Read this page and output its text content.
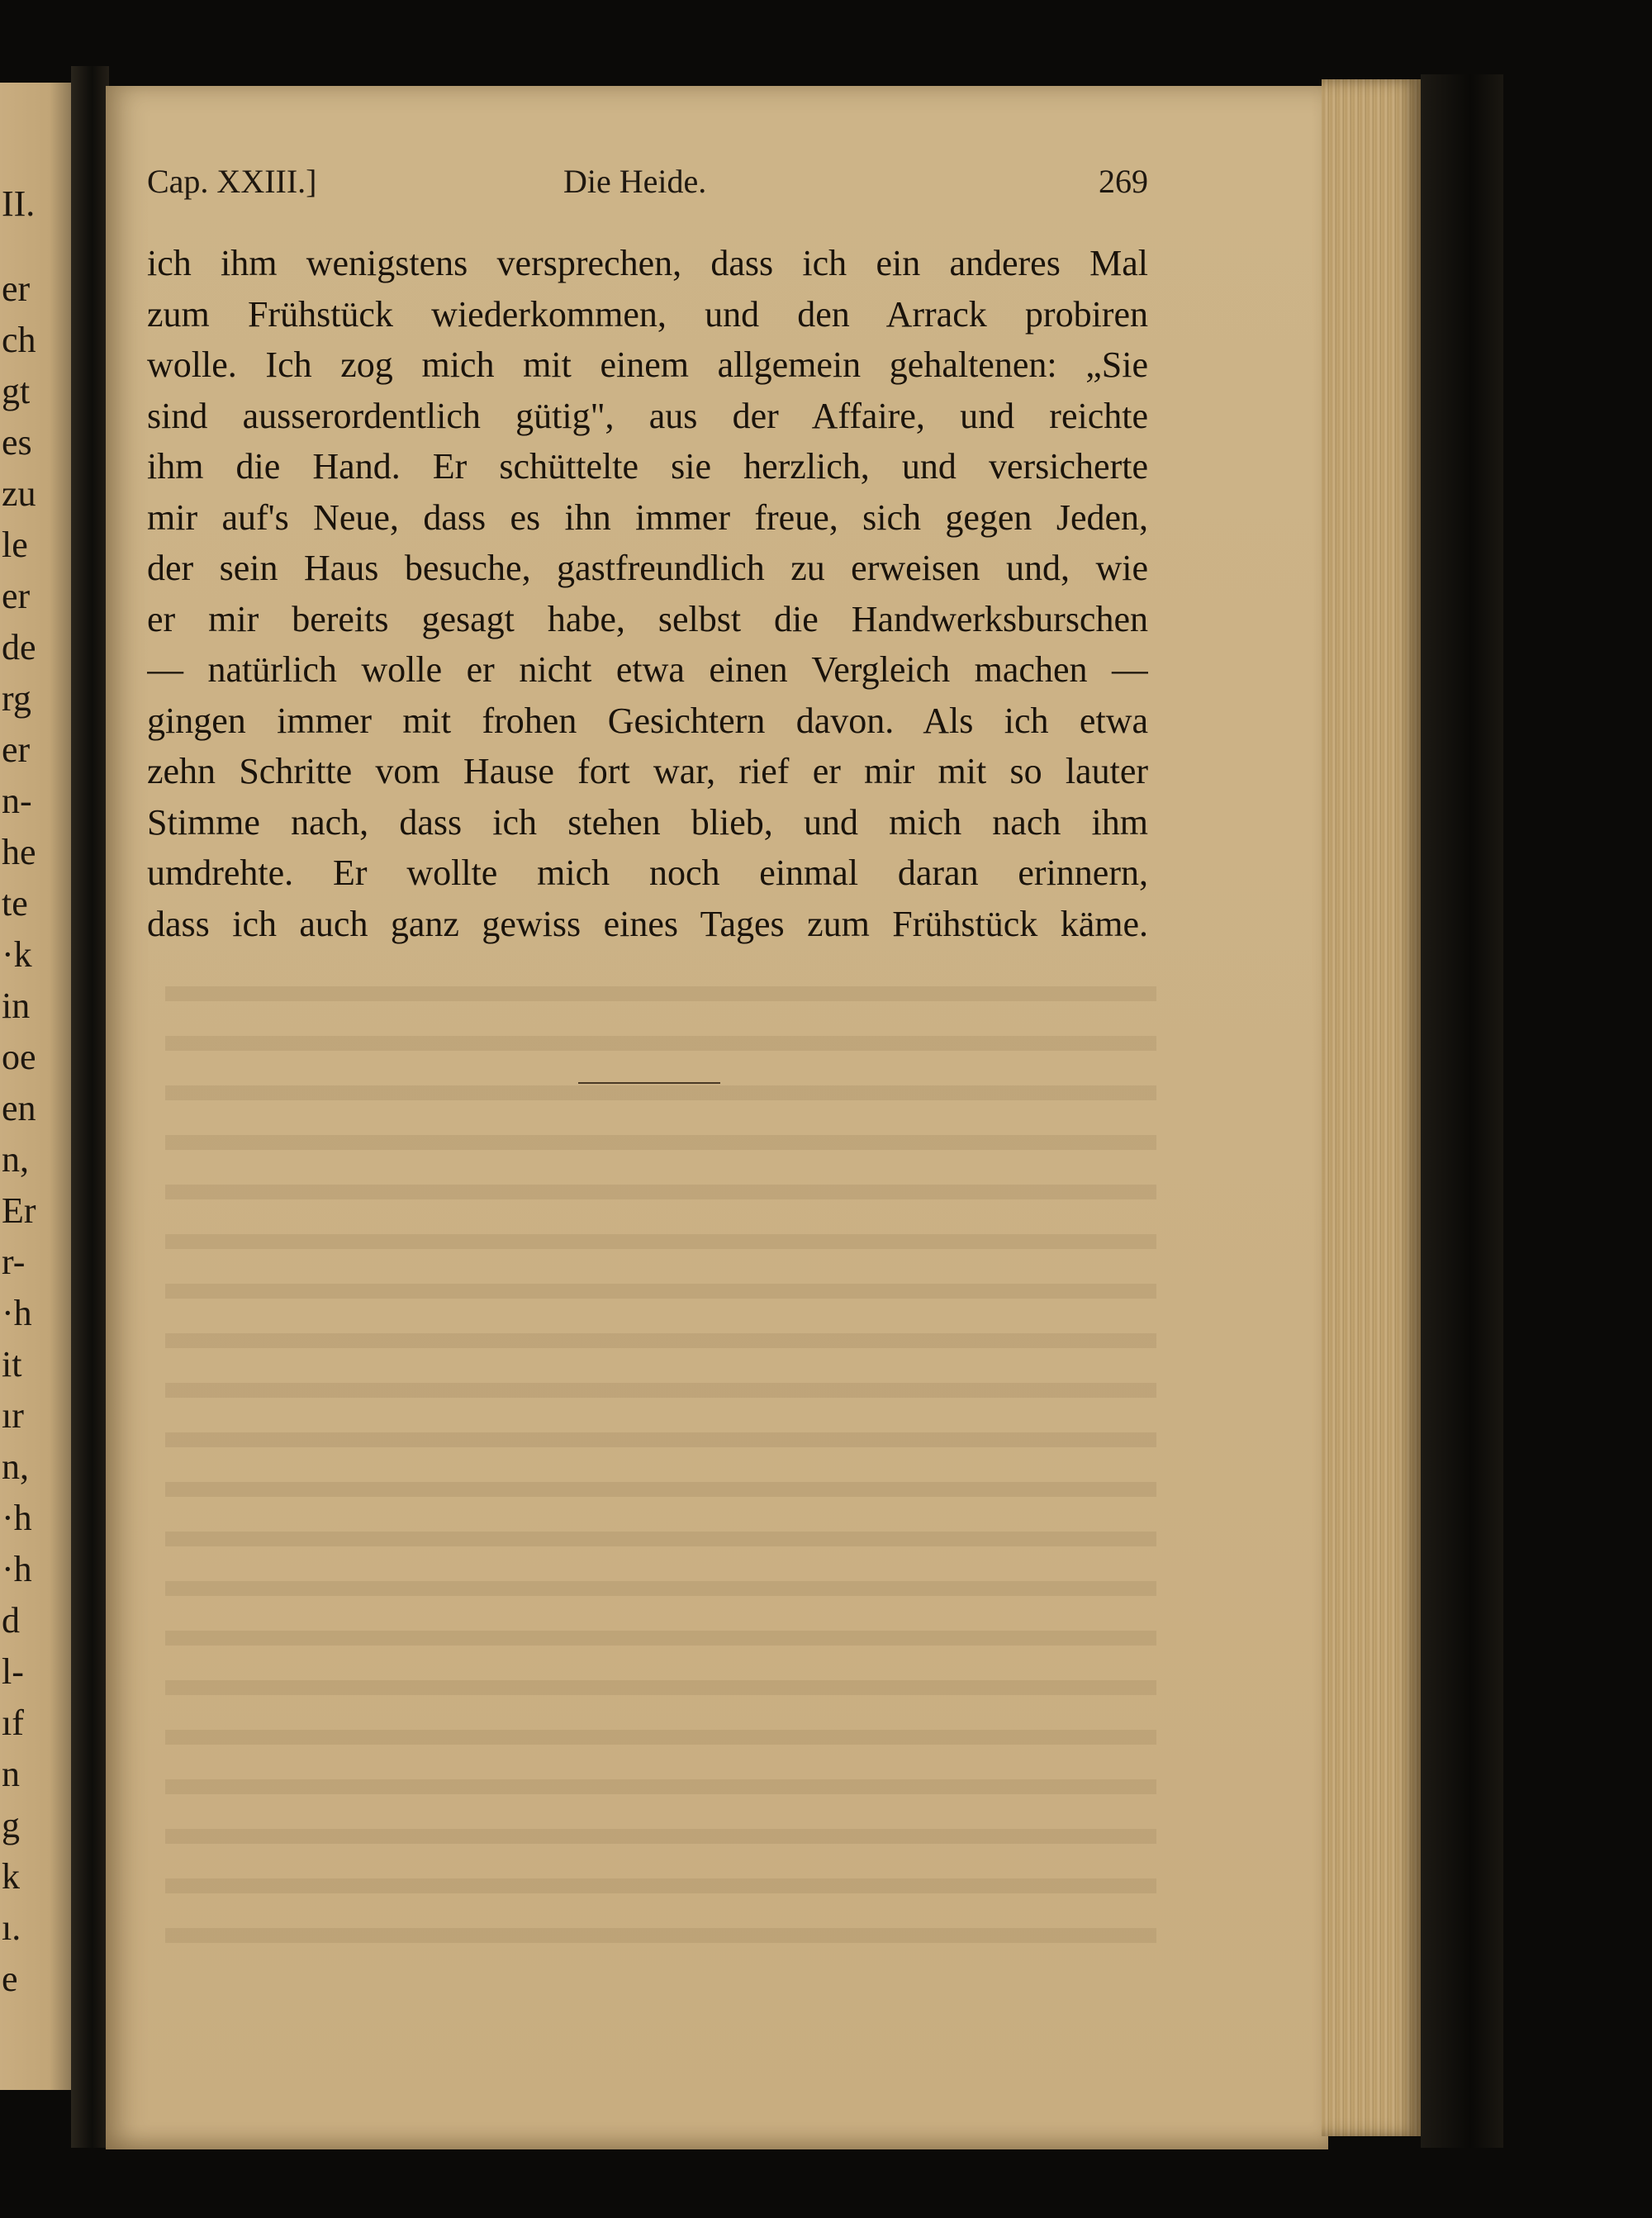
II.
er
ch
gt
es
zu
le
er
de
rg
er
n-
he
te
·k
in
oe
en
n,
Er
r-
·h
it
ır
n,
·h
·h
d
l-
ıf
n
g
k
ı.
e
Cap. XXIII.]	Die Heide.	269
ich ihm wenigstens versprechen, dass ich ein anderes Mal
zum Frühstück wiederkommen, und den Arrack probiren
wolle. Ich zog mich mit einem allgemein gehaltenen: „Sie
sind ausserordentlich gütig", aus der Affaire, und reichte
ihm die Hand. Er schüttelte sie herzlich, und versicherte
mir auf's Neue, dass es ihn immer freue, sich gegen Jeden,
der sein Haus besuche, gastfreundlich zu erweisen und, wie
er mir bereits gesagt habe, selbst die Handwerksburschen
— natürlich wolle er nicht etwa einen Vergleich machen —
gingen immer mit frohen Gesichtern davon. Als ich etwa
zehn Schritte vom Hause fort war, rief er mir mit so lauter
Stimme nach, dass ich stehen blieb, und mich nach ihm
umdrehte. Er wollte mich noch einmal daran erinnern,
dass ich auch ganz gewiss eines Tages zum Frühstück käme.
